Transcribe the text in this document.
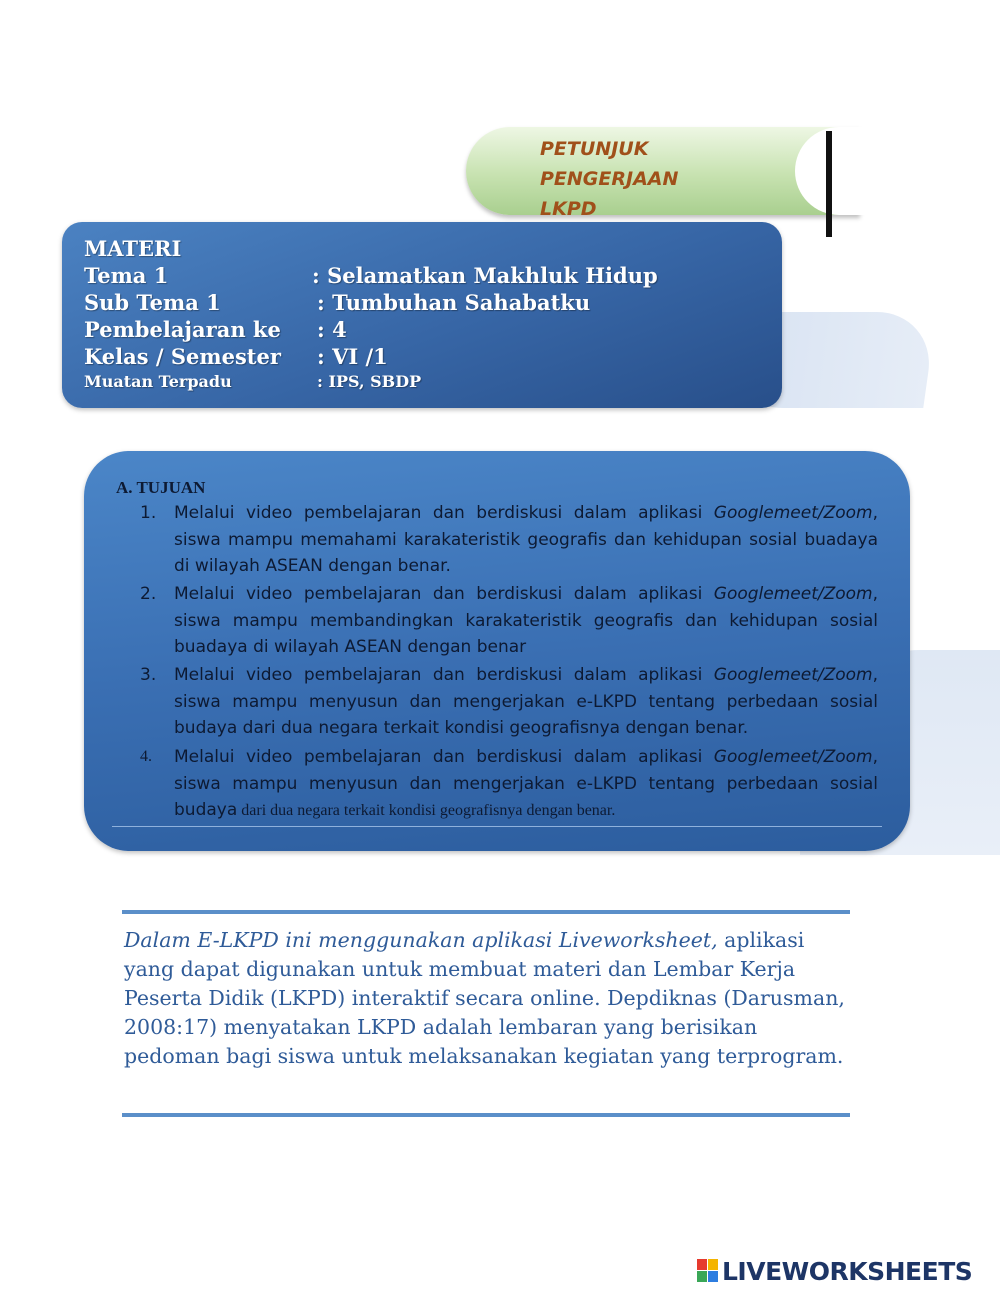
PETUNJUK PENGERJAAN
LKPD
MATERI
Tema 1	: Selamatkan Makhluk Hidup
Sub Tema 1	: Tumbuhan Sahabatku
Pembelajaran ke : 4
Kelas / Semester : VI /1
Muatan Terpadu	: IPS, SBDP
A. TUJUAN
1.	Melalui video pembelajaran dan berdiskusi dalam aplikasi Googlemeet/Zoom, siswa mampu memahami karakateristik geografis dan kehidupan sosial buadaya di wilayah ASEAN dengan benar.
2.	Melalui video pembelajaran dan berdiskusi dalam aplikasi Googlemeet/Zoom, siswa mampu membandingkan karakateristik geografis dan kehidupan sosial buadaya di wilayah ASEAN dengan benar
3.	Melalui video pembelajaran dan berdiskusi dalam aplikasi Googlemeet/Zoom, siswa mampu menyusun dan mengerjakan e-LKPD tentang perbedaan sosial budaya dari dua negara terkait kondisi geografisnya dengan benar.
4.	Melalui video pembelajaran dan berdiskusi dalam aplikasi Googlemeet/Zoom, siswa mampu menyusun dan mengerjakan e-LKPD tentang perbedaan sosial budaya dari dua negara terkait kondisi geografisnya dengan benar.
Dalam E-LKPD ini menggunakan aplikasi Liveworksheet, aplikasi yang dapat digunakan untuk membuat materi dan Lembar Kerja Peserta Didik (LKPD) interaktif secara online. Depdiknas (Darusman, 2008:17) menyatakan LKPD adalah lembaran yang berisikan pedoman bagi siswa untuk melaksanakan kegiatan yang terprogram.
LIVEWORKSHEETS
